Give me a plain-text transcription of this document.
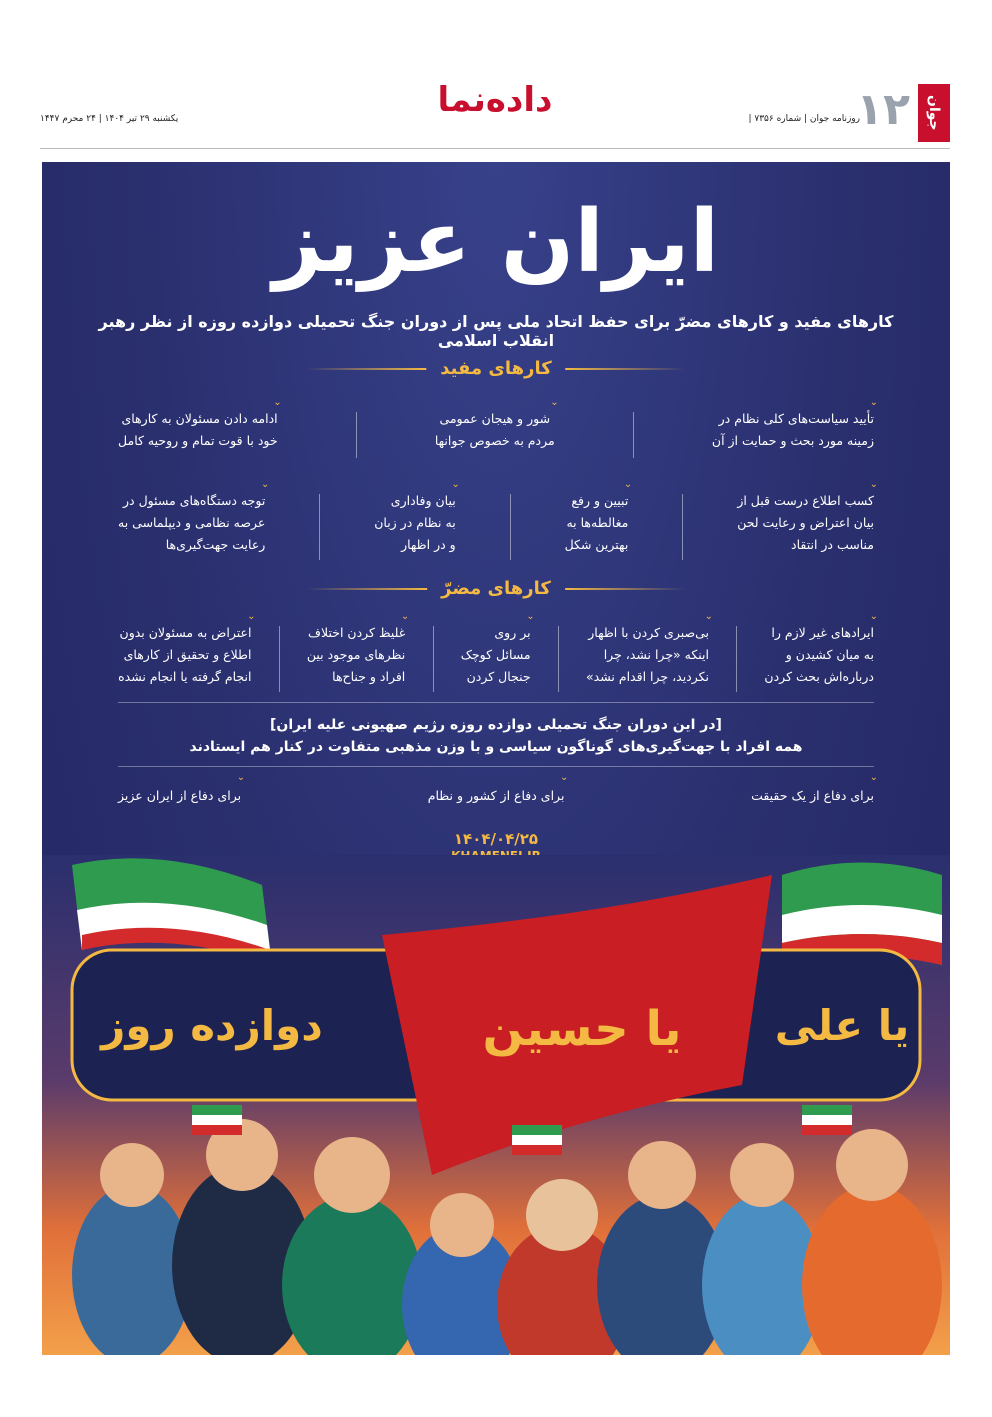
جوان
۱۲
داده‌نما	روزنامه جوان | شماره ۷۳۵۶ |
یکشنبه ۲۹ تیر ۱۴۰۴ | ۲۴ محرم ۱۴۴۷
ایران عزیز
کارهای مفید و کارهای مضرّ برای حفظ اتحاد ملی پس از دوران جنگ تحمیلی دوازده روزه از نظر رهبر انقلاب اسلامی
کارهای مفید
⌄
تأیید سیاست‌های کلی نظام در
زمینه مورد بحث و حمایت از آن
⌄
شور و هیجان عمومی
مردم به خصوص جوانها
⌄
ادامه دادن مسئولان به کارهای
خود با قوت تمام و روحیه کامل
⌄
کسب اطلاع درست قبل از
بیان اعتراض و رعایت لحن
مناسب در انتقاد
⌄
تبیین و رفع
مغالطه‌ها به
بهترین شکل
⌄
بیان وفاداری
به نظام در زبان
و در اظهار
⌄
توجه دستگاه‌های مسئول در
عرصه نظامی و دیپلماسی به
رعایت جهت‌گیری‌ها
کارهای مضرّ
⌄
ایرادهای غیر لازم را
به میان کشیدن و
درباره‌اش بحث کردن
⌄
بی‌صبری کردن با اظهار
اینکه «چرا نشد، چرا
نکردید، چرا اقدام نشد»
⌄
بر روی
مسائل کوچک
جنجال کردن
⌄
غلیظ کردن اختلاف
نظرهای موجود بین
افراد و جناح‌ها
⌄
اعتراض به مسئولان بدون
اطلاع و تحقیق از کارهای
انجام گرفته یا انجام نشده
[در این دوران جنگ تحمیلی دوازده روزه رژیم صهیونی علیه ایران]
همه افراد با جهت‌گیری‌های گوناگون سیاسی و با وزن مذهبی متفاوت در کنار هم ایستادند
⌄
برای دفاع از یک حقیقت
⌄
برای دفاع از کشور و نظام
⌄
برای دفاع از ایران عزیز
۱۴۰۴/۰۴/۲۵
دوازده روز	یا علی
یا حسین
